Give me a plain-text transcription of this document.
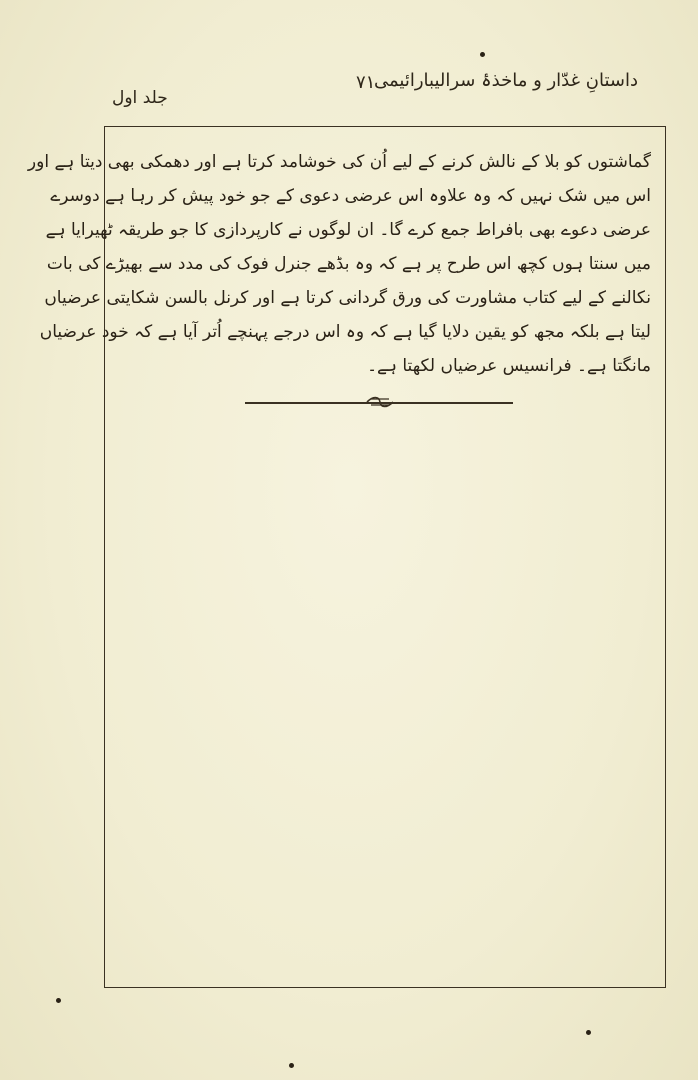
داستانِ غدّار و ماخذۂ سرالیبارائیمی
۷۱
جلد اول
گماشتوں کو بلا کے نالش کرنے کے لیے اُن کی خوشامد کرتا ہے اور دھمکی بھی دیتا ہے اور
اس میں شک نہیں کہ وہ علاوہ اس عرضی دعوی کے جو خود پیش کر رہا ہے دوسرے
عرضی دعوے بھی بافراط جمع کرے گا۔ ان لوگوں نے کارپردازی کا جو طریقہ ٹھیرایا ہے
میں سنتا ہوں کچھ اس طرح پر ہے کہ وہ بڈھے جنرل فوک کی مدد سے بھیڑے کی بات
نکالنے کے لیے کتاب مشاورت کی ورق گردانی کرتا ہے اور کرنل بالسن شکایتی عرضیاں
لیتا ہے بلکہ مجھ کو یقین دلایا گیا ہے کہ وہ اس درجے پہنچے اُتر آیا ہے کہ خود عرضیاں
مانگتا ہے۔ فرانسیس عرضیاں لکھتا ہے۔
